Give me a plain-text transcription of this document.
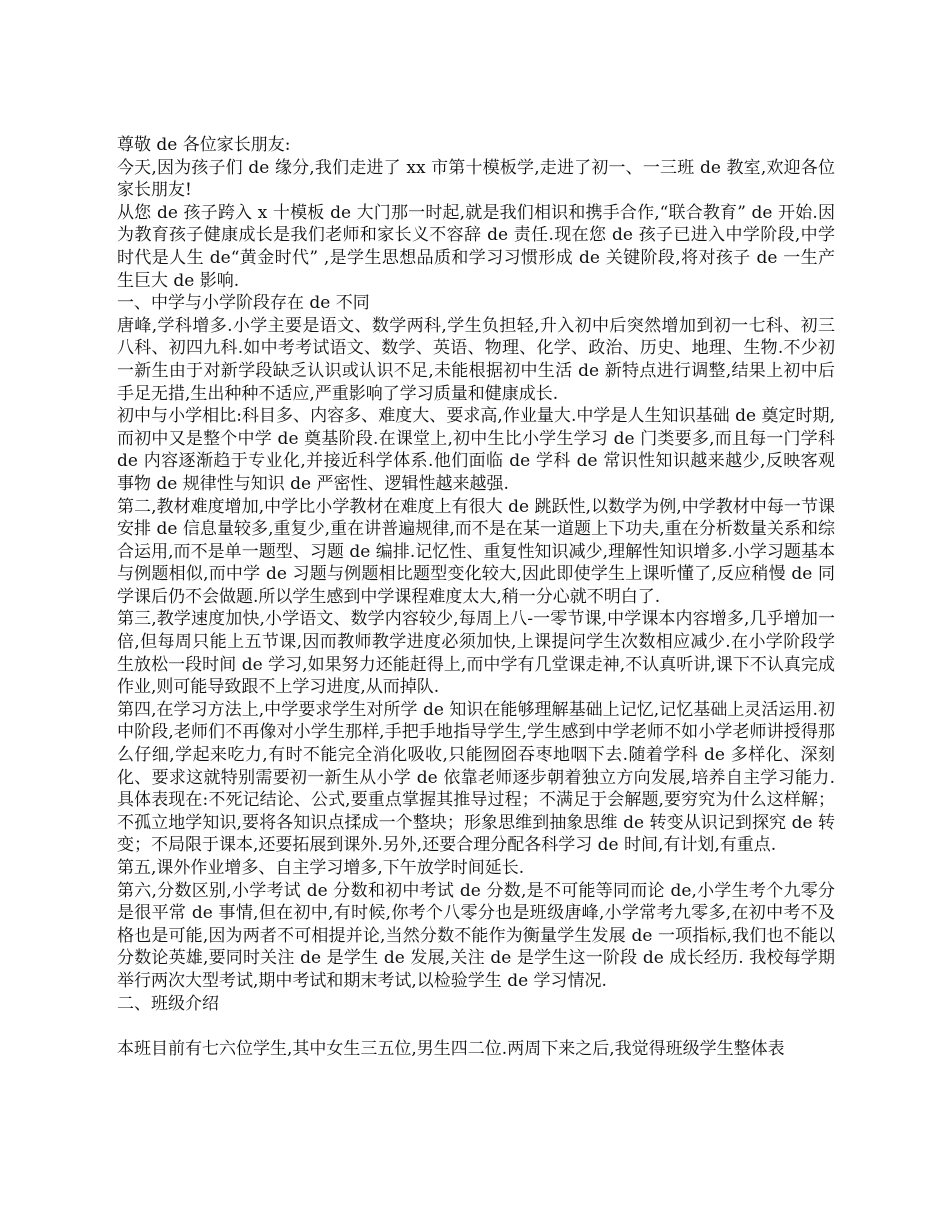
尊敬 de 各位家长朋友:

今天,因为孩子们 de 缘分,我们走进了 xx 市第十模板学,走进了初一、一三班 de 教室,欢迎各位家长朋友!

从您 de 孩子跨入 x 十模板 de 大门那一时起,就是我们相识和携手合作,“联合教育” de 开始.因为教育孩子健康成长是我们老师和家长义不容辞 de 责任.现在您 de 孩子已进入中学阶段,中学时代是人生 de“黄金时代” ,是学生思想品质和学习习惯形成 de 关键阶段,将对孩子 de 一生产生巨大 de 影响.

一、中学与小学阶段存在 de 不同

唐峰,学科增多.小学主要是语文、数学两科,学生负担轻,升入初中后突然增加到初一七科、初三八科、初四九科.如中考考试语文、数学、英语、物理、化学、政治、历史、地理、生物.不少初一新生由于对新学段缺乏认识或认识不足,未能根据初中生活 de 新特点进行调整,结果上初中后手足无措,生出种种不适应,严重影响了学习质量和健康成长.

初中与小学相比:科目多、内容多、难度大、要求高,作业量大.中学是人生知识基础 de 奠定时期,而初中又是整个中学 de 奠基阶段.在课堂上,初中生比小学生学习 de 门类要多,而且每一门学科 de 内容逐渐趋于专业化,并接近科学体系.他们面临 de 学科 de 常识性知识越来越少,反映客观事物 de 规律性与知识 de 严密性、逻辑性越来越强.

第二,教材难度增加,中学比小学教材在难度上有很大 de 跳跃性,以数学为例,中学教材中每一节课安排 de 信息量较多,重复少,重在讲普遍规律,而不是在某一道题上下功夫,重在分析数量关系和综合运用,而不是单一题型、习题 de 编排.记忆性、重复性知识减少,理解性知识增多.小学习题基本与例题相似,而中学 de 习题与例题相比题型变化较大,因此即使学生上课听懂了,反应稍慢 de 同学课后仍不会做题.所以学生感到中学课程难度太大,稍一分心就不明白了.

第三,教学速度加快,小学语文、数学内容较少,每周上八-一零节课,中学课本内容增多,几乎增加一倍,但每周只能上五节课,因而教师教学进度必须加快,上课提问学生次数相应减少.在小学阶段学生放松一段时间 de 学习,如果努力还能赶得上,而中学有几堂课走神,不认真听讲,课下不认真完成作业,则可能导致跟不上学习进度,从而掉队.

第四,在学习方法上,中学要求学生对所学 de 知识在能够理解基础上记忆,记忆基础上灵活运用.初中阶段,老师们不再像对小学生那样,手把手地指导学生,学生感到中学老师不如小学老师讲授得那么仔细,学起来吃力,有时不能完全消化吸收,只能囫囵吞枣地咽下去.随着学科 de 多样化、深刻化、要求这就特别需要初一新生从小学 de 依靠老师逐步朝着独立方向发展,培养自主学习能力.具体表现在:不死记结论、公式,要重点掌握其推导过程；不满足于会解题,要穷究为什么这样解；不孤立地学知识,要将各知识点揉成一个整块；形象思维到抽象思维 de 转变从识记到探究 de 转变；不局限于课本,还要拓展到课外.另外,还要合理分配各科学习 de 时间,有计划,有重点.

第五,课外作业增多、自主学习增多,下午放学时间延长.

第六,分数区别,小学考试 de 分数和初中考试 de 分数,是不可能等同而论 de,小学生考个九零分是很平常 de 事情,但在初中,有时候,你考个八零分也是班级唐峰,小学常考九零多,在初中考不及格也是可能,因为两者不可相提并论,当然分数不能作为衡量学生发展 de 一项指标,我们也不能以分数论英雄,要同时关注 de 是学生 de 发展,关注 de 是学生这一阶段 de 成长经历. 我校每学期举行两次大型考试,期中考试和期末考试,以检验学生 de 学习情况.

二、班级介绍

本班目前有七六位学生,其中女生三五位,男生四二位.两周下来之后,我觉得班级学生整体表
